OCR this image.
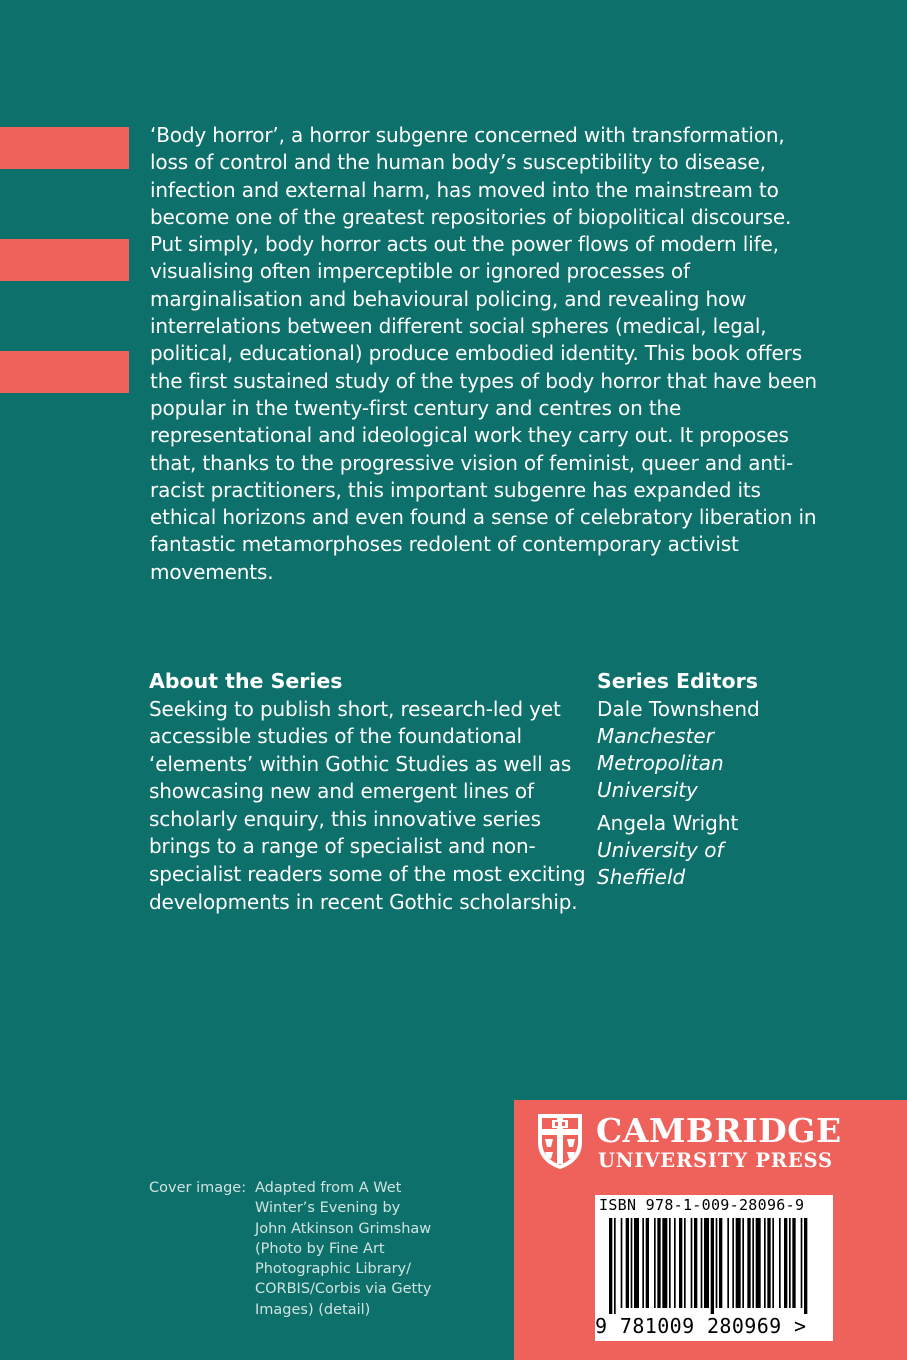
‘Body horror’, a horror subgenre concerned with transformation, loss of control and the human body’s susceptibility to disease, infection and external harm, has moved into the mainstream to become one of the greatest repositories of biopolitical discourse. Put simply, body horror acts out the power flows of modern life, visualising often imperceptible or ignored processes of marginalisation and behavioural policing, and revealing how interrelations between different social spheres (medical, legal, political, educational) produce embodied identity. This book offers the first sustained study of the types of body horror that have been popular in the twenty-first century and centres on the representational and ideological work they carry out. It proposes that, thanks to the progressive vision of feminist, queer and anti-racist practitioners, this important subgenre has expanded its ethical horizons and even found a sense of celebratory liberation in fantastic metamorphoses redolent of contemporary activist movements.

About the Series

Seeking to publish short, research-led yet accessible studies of the foundational ‘elements’ within Gothic Studies as well as showcasing new and emergent lines of scholarly enquiry, this innovative series brings to a range of specialist and non-specialist readers some of the most exciting developments in recent Gothic scholarship.

Series Editors
Dale Townshend
Manchester
Metropolitan
University
Angela Wright
University of
Sheffield
Cover image: Adapted from A Wet
Winter’s Evening by
John Atkinson Grimshaw
(Photo by Fine Art
Photographic Library/
CORBIS/Corbis via Getty
Images) (detail)
CAMBRIDGE
UNIVERSITY PRESS
ISBN 978-1-009-28096-9
9 781009 280969 >
